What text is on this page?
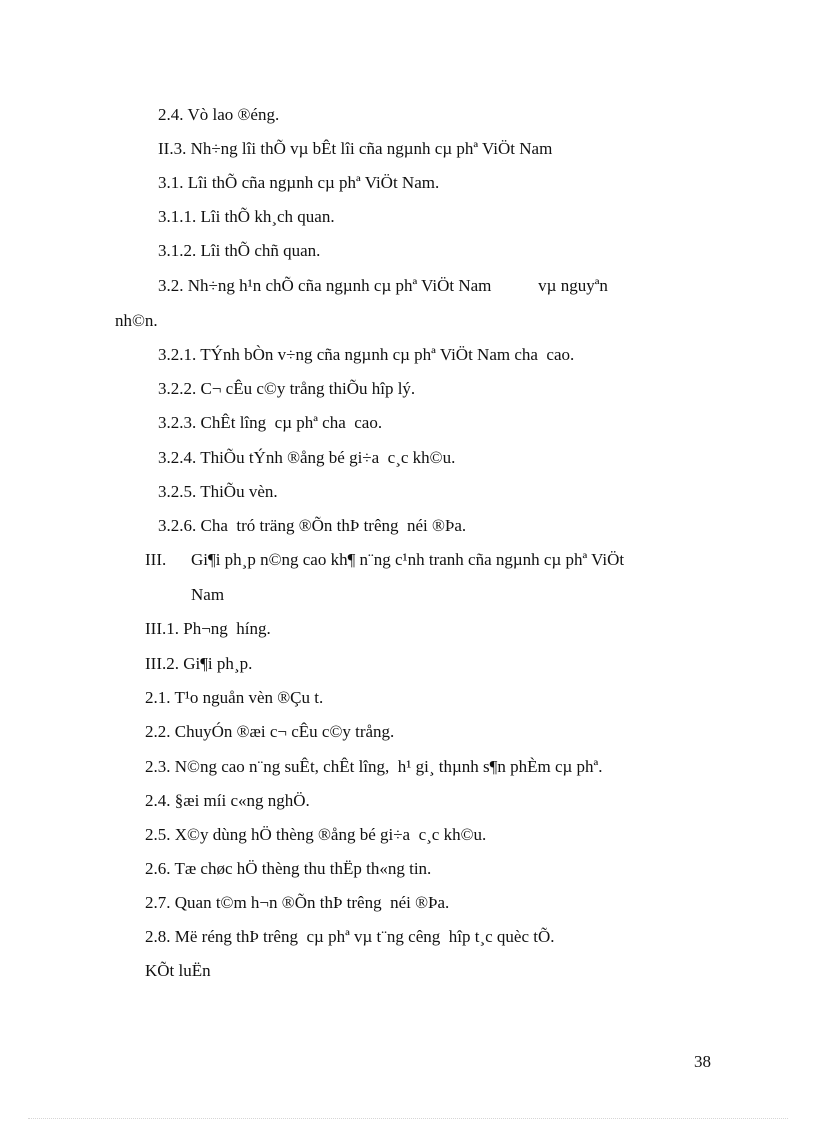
2.4. Vò lao ®éng.
II.3. Nh÷ng lîi thÕ vµ bÊt lîi cña ngµnh cµ phª ViÖt Nam
3.1. Lîi thÕ cña ngµnh cµ phª ViÖt Nam.
3.1.1. Lîi thÕ kh¸ch quan.
3.1.2. Lîi thÕ chñ quan.
3.2. Nh÷ng h¹n chÕ cña ngµnh cµ phª ViÖt Nam           vµ nguyªn
nh©n.
3.2.1. TÝnh bÒn v÷ng cña ngµnh cµ phª ViÖt Nam cha  cao.
3.2.2. C¬ cÊu c©y trång thiÕu hîp lý.
3.2.3. ChÊt lîng  cµ phª cha  cao.
3.2.4. ThiÕu tÝnh ®ång bé gi÷a  c¸c kh©u.
3.2.5. ThiÕu vèn.
3.2.6. Cha  tró träng ®Õn thÞ trêng  néi ®Þa.
III. Gi¶i ph¸p n©ng cao kh¶ n¨ng c¹nh tranh cña ngµnh cµ phª ViÖt
Nam
III.1. Ph¬ng  híng.
III.2. Gi¶i ph¸p.
2.1. T¹o nguån vèn ®Çu t.
2.2. ChuyÓn ®æi c¬ cÊu c©y trång.
2.3. N©ng cao n¨ng suÊt, chÊt lîng,  h¹ gi¸ thµnh s¶n phÈm cµ phª.
2.4. §æi míi c«ng nghÖ.
2.5. X©y dùng hÖ thèng ®ång bé gi÷a  c¸c kh©u.
2.6. Tæ chøc hÖ thèng thu thËp th«ng tin.
2.7. Quan t©m h¬n ®Õn thÞ trêng  néi ®Þa.
2.8. Më réng thÞ trêng  cµ phª vµ t¨ng cêng  hîp t¸c quèc tÕ.
KÕt luËn
38
